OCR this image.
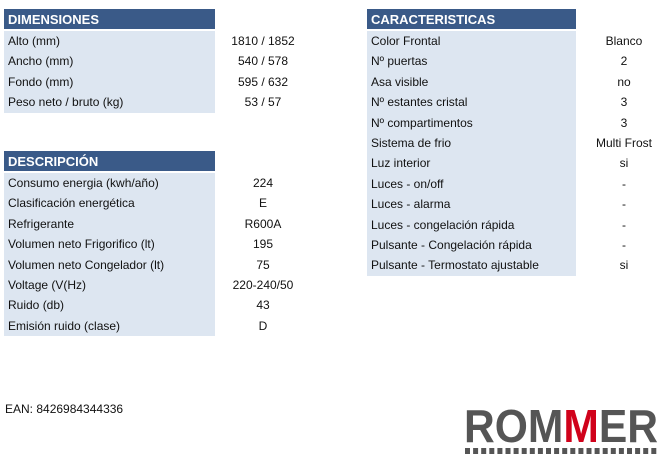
DIMENSIONES
DESCRIPCIÓN
CARACTERISTICAS
EAN: 8426984344336	ROMMER
Alto (mm)	1810 / 1852
Ancho (mm)	540 / 578
Fondo (mm)	595 / 632
Peso neto / bruto (kg)	53 / 57
Consumo energia (kwh/año)	224
Clasificación energética	E
Refrigerante	R600A
Volumen neto Frigorifico (lt)	195
Volumen neto Congelador (lt)	75
Voltage (V(Hz)	220-240/50
Ruido (db)	43
Emisión ruido (clase)	D
Color Frontal	Blanco
Nº puertas	2
Asa visible	no
Nº estantes cristal	3
Nº compartimentos	3
Sistema de frio	Multi Frost
Luz interior	si
Luces - on/off	-
Luces - alarma	-
Luces - congelación rápida	-
Pulsante - Congelación rápida	-
Pulsante - Termostato ajustable	si
